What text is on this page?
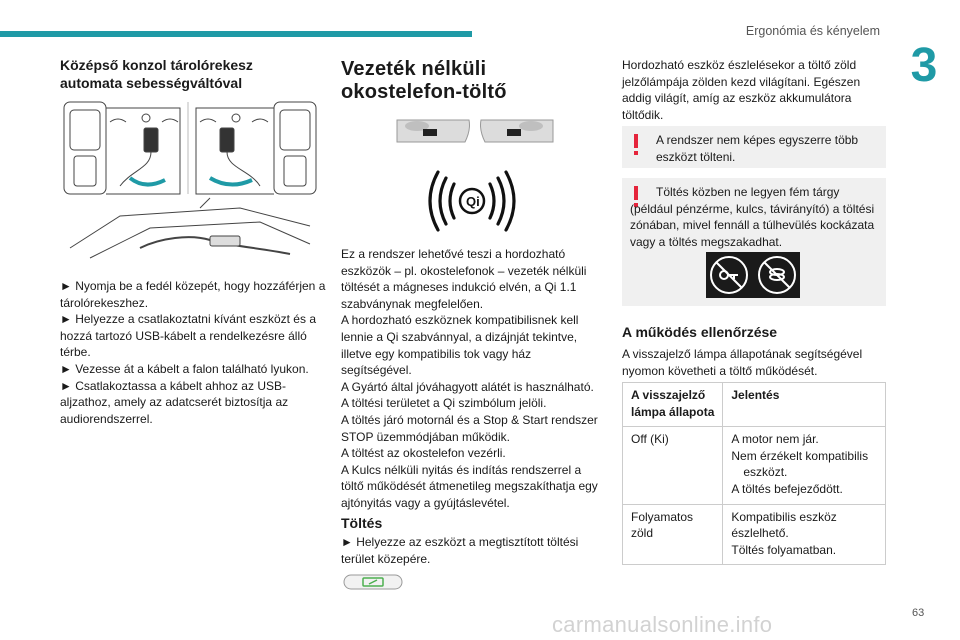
Ergonómia és kényelem
3
Középső konzol tárolórekesz
automata sebességváltóval
► Nyomja be a fedél közepét, hogy hozzáférjen a tárolórekeszhez.
► Helyezze a csatlakoztatni kívánt eszközt és a hozzá tartozó USB-kábelt a rendelkezésre álló térbe.
► Vezesse át a kábelt a falon található lyukon.
► Csatlakoztassa a kábelt ahhoz az USB-aljzathoz, amely az adatcserét biztosítja az audiorendszerrel.
Vezeték nélküli
okostelefon-töltő
Qi
Ez a rendszer lehetővé teszi a hordozható eszközök – pl. okostelefonok – vezeték nélküli töltését a mágneses indukció elvén, a Qi 1.1 szabványnak megfelelően.
A hordozható eszköznek kompatibilisnek kell lennie a Qi szabvánnyal, a dizájnját tekintve, illetve egy kompatibilis tok vagy ház segítségével.
A Gyártó által jóváhagyott alátét is használható.
A töltési területet a Qi szimbólum jelöli.
A töltés járó motornál és a Stop & Start rendszer STOP üzemmódjában működik.
A töltést az okostelefon vezérli.
A Kulcs nélküli nyitás és indítás rendszerrel a töltő működését átmenetileg megszakíthatja egy ajtónyitás vagy a gyújtáslevétel.
Töltés
► Helyezze az eszközt a megtisztított töltési terület közepére.
Hordozható eszköz észlelésekor a töltő zöld jelzőlámpája zölden kezd világítani. Egészen addig világít, amíg az eszköz akkumulátora töltődik.
A rendszer nem képes egyszerre több eszközt tölteni.
Töltés közben ne legyen fém tárgy (például pénzérme, kulcs, távirányító) a töltési zónában, mivel fennáll a túlhevülés kockázata vagy a töltés megszakadhat.
A működés ellenőrzése
A visszajelző lámpa állapotának segítségével nyomon követheti a töltő működését.
A visszajelző lámpa állapota	Jelentés
Off (Ki)	A motor nem jár.
Nem érzékelt kompatibilis eszközt.
A töltés befejeződött.

Folyamatos zöld	Kompatibilis eszköz észlelhető.
Töltés folyamatban.
63
carmanualsonline.info
